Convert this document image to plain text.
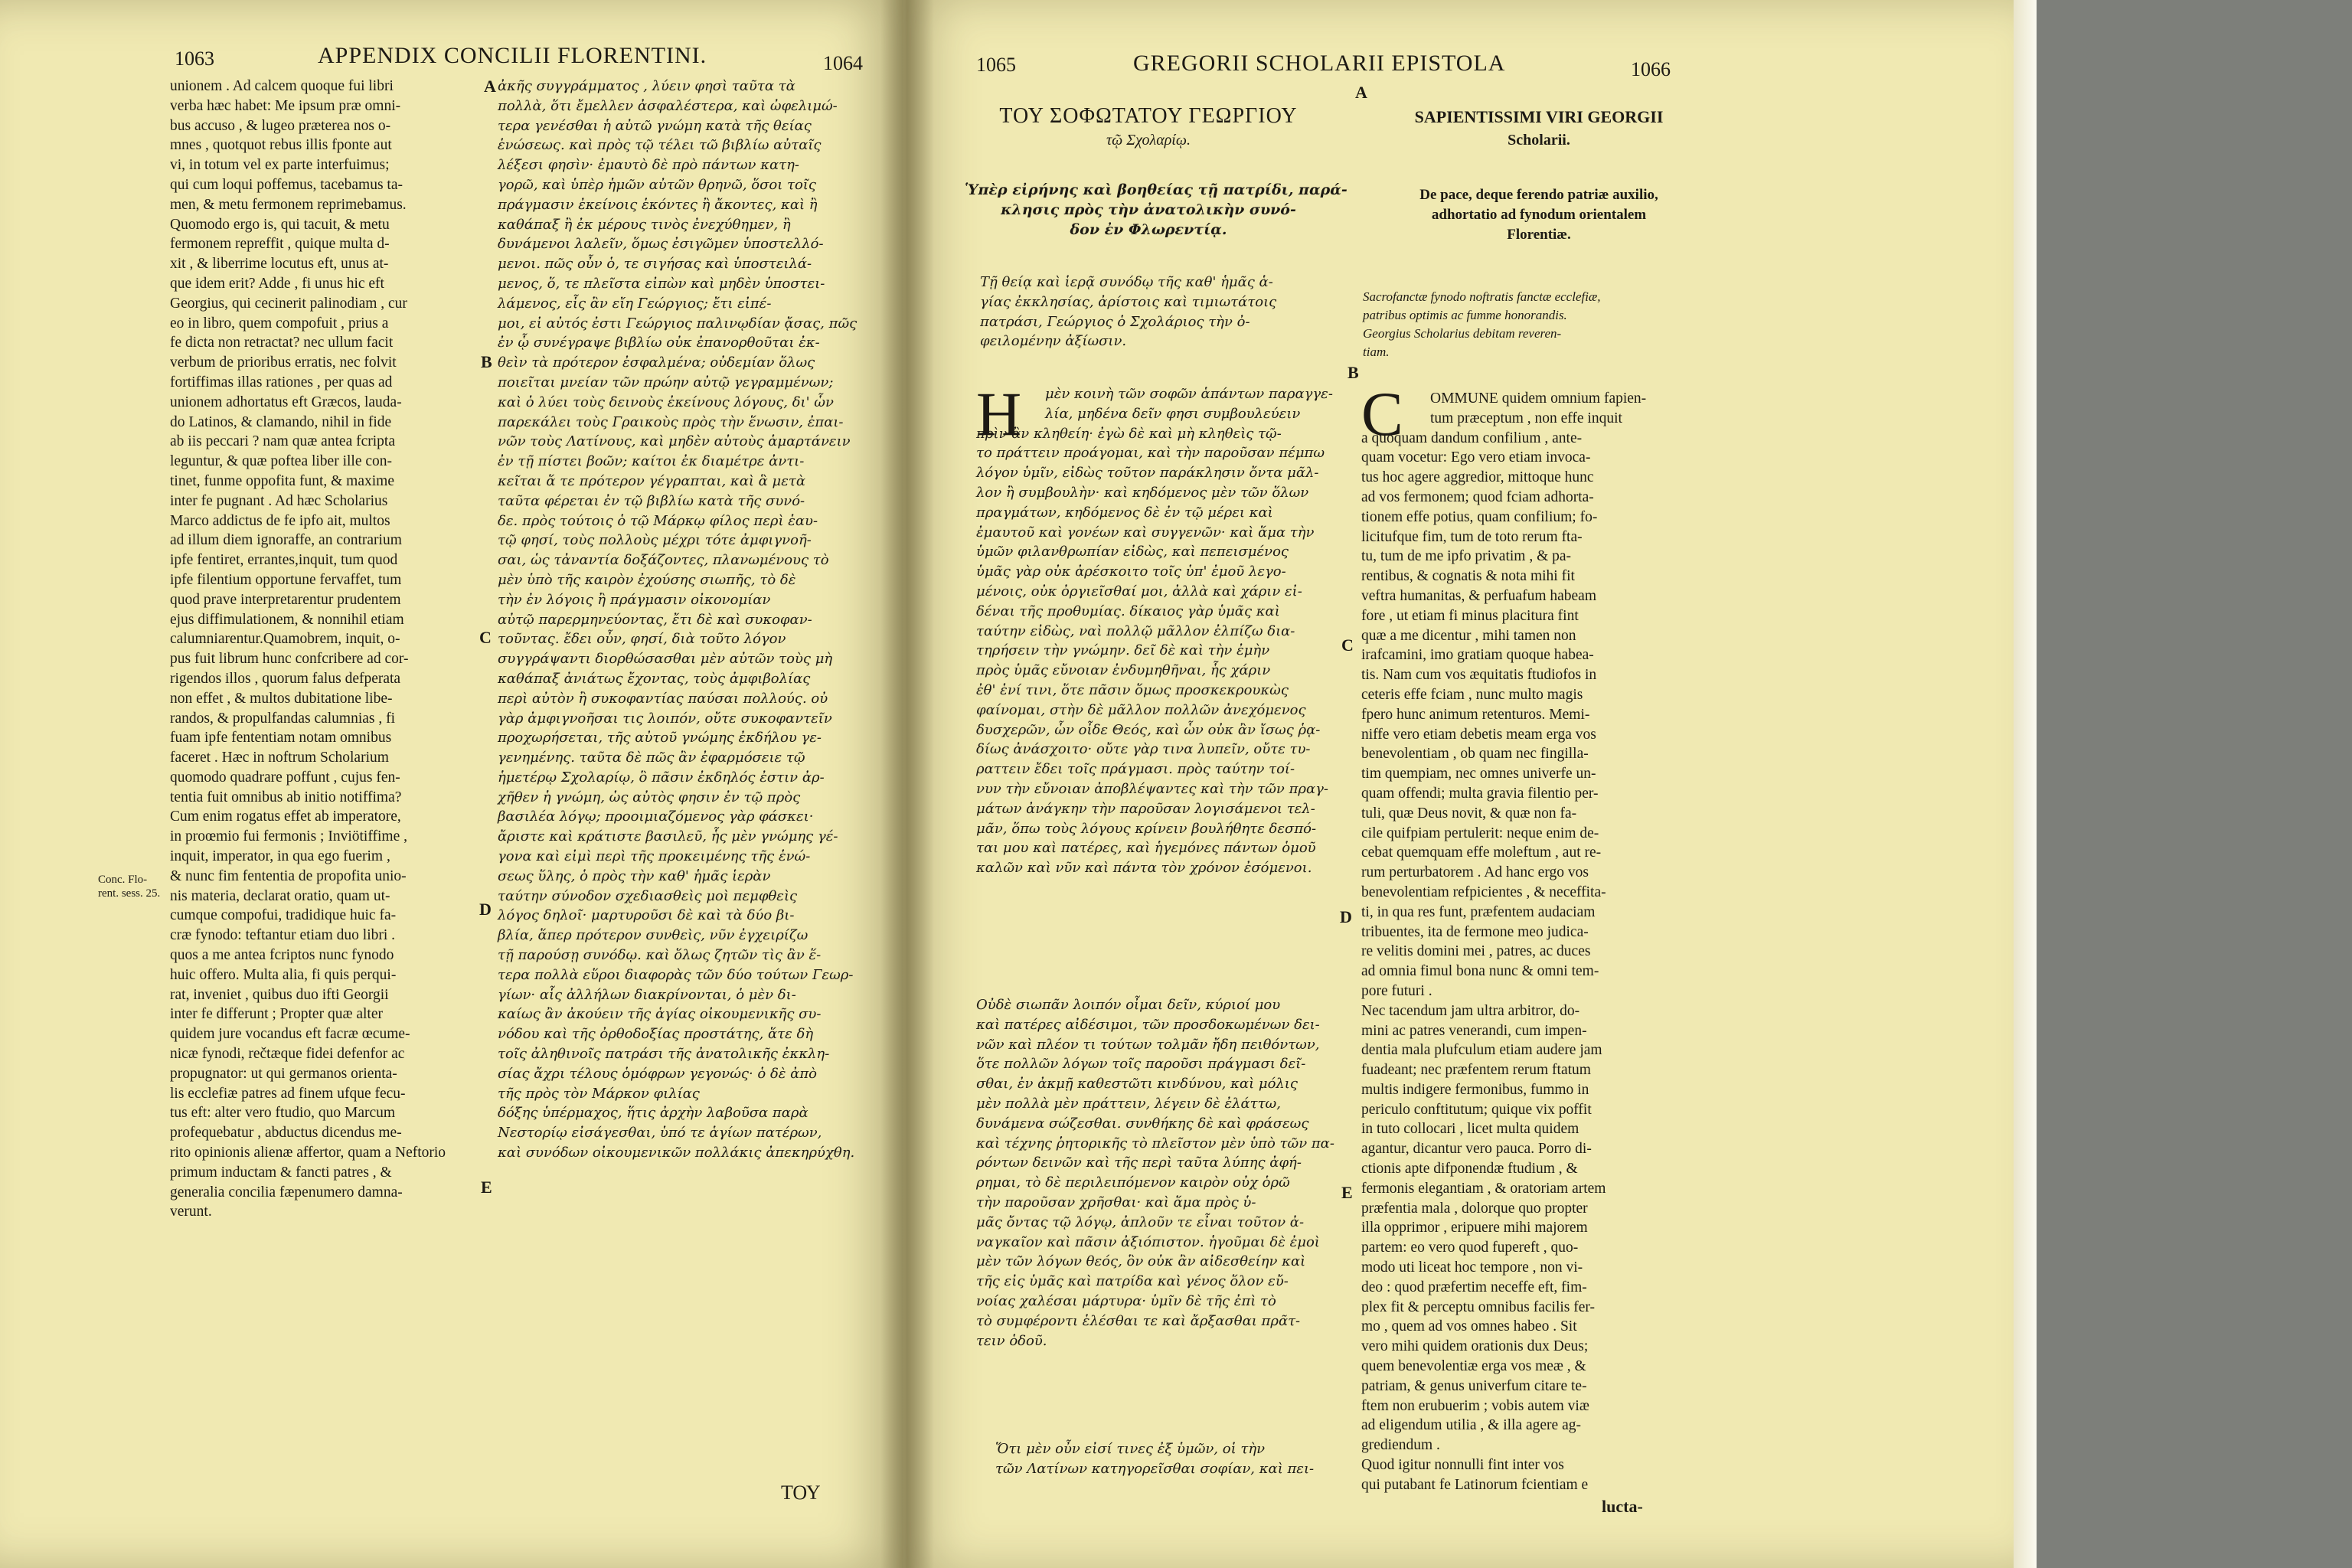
1063	APPENDIX CONCILII FLORENTINI.	1064
unionem . Ad calcem quoque fui libri
verba hæc habet: Me ipsum præ omni-
bus accuso , & lugeo præterea nos o-
mnes , quotquot rebus illis fponte aut
vi, in totum vel ex parte interfuimus;
qui cum loqui poffemus, tacebamus ta-
men, & metu fermonem reprimebamus.
Quomodo ergo is, qui tacuit, & metu
fermonem repreffit , quique multa d-
xit , & liberrime locutus eft, unus at-
que idem erit? Adde , fi unus hic eft
Georgius, qui cecinerit palinodiam , cur
eo in libro, quem compofuit , prius a
fe dicta non retractat? nec ullum facit
verbum de prioribus erratis, nec folvit
fortiffimas illas rationes , per quas ad
unionem adhortatus eft Græcos, lauda-
do Latinos, & clamando, nihil in fide
ab iis peccari ? nam quæ antea fcripta
leguntur, & quæ poftea liber ille con-
tinet, funme oppofita funt, & maxime
inter fe pugnant . Ad hæc Scholarius
Marco addictus de fe ipfo ait, multos
ad illum diem ignoraffe, an contrarium
ipfe fentiret, errantes,inquit, tum quod
ipfe filentium opportune fervaffet, tum
quod prave interpretarentur prudentem
ejus diffimulationem, & nonnihil etiam
calumniarentur.Quamobrem, inquit, o-
pus fuit librum hunc confcribere ad cor-
rigendos illos , quorum falus defperata
non effet , & multos dubitatione libe-
randos, & propulfandas calumnias , fi
fuam ipfe fententiam notam omnibus
faceret . Hæc in noftrum Scholarium
quomodo quadrare poffunt , cujus fen-
tentia fuit omnibus ab initio notiffima?
Cum enim rogatus effet ab imperatore,
in proœmio fui fermonis ; Inviötiffime ,
inquit, imperator, in qua ego fuerim ,
& nunc fim fententia de propofita unio-
nis materia, declarat oratio, quam ut-
cumque compofui, tradidique huic fa-
cræ fynodo: teftantur etiam duo libri .
quos a me antea fcriptos nunc fynodo
huic offero. Multa alia, fi quis perqui-
rat, inveniet , quibus duo ifti Georgii
inter fe differunt ; Propter quæ alter
quidem jure vocandus eft facræ œcume-
nicæ fynodi, rečtæque fidei defenfor ac
propugnator: ut qui germanos orienta-
lis ecclefiæ patres ad finem ufque fecu-
tus eft: alter vero ftudio, quo Marcum
profequebatur , abductus dicendus me-
rito opinionis alienæ affertor, quam a Neftorio
primum inductam & fancti patres , &
generalia concilia fæpenumero damna-
verunt.
Conc. Flo-
rent. sess. 25.
A
B
C
D
E
ἀκῆς συγγράμματος , λύειν φησὶ ταῦτα τὰ
πολλὰ, ὅτι ἔμελλεν ἀσφαλέστερα, καὶ ὠφελιμώ-
τερα γενέσθαι ἡ αὐτῶ γνώμη κατὰ τῆς θείας
ἑνώσεως. καὶ πρὸς τῷ τέλει τῶ βιβλίω αὐταῖς
λέξεσι φησὶν· ἐμαυτὸ δὲ πρὸ πάντων κατη-
γορῶ, καὶ ὑπὲρ ἡμῶν αὐτῶν θρηνῶ, ὅσοι τοῖς
πράγμασιν ἐκείνοις ἑκόντες ἢ ἄκοντες, καὶ ἢ
καθάπαξ ἢ ἐκ μέρους τινὸς ἐνεχύθημεν, ἢ
δυνάμενοι λαλεῖν, ὅμως ἐσιγῶμεν ὑποστελλό-
μενοι. πῶς οὖν ὁ, τε σιγήσας καὶ ὑποστειλά-
μενος, ὅ, τε πλεῖστα εἰπὼν καὶ μηδὲν ὑποστει-
λάμενος, εἷς ἂν εἴη Γεώργιος; ἔτι εἰπέ-
μοι, εἰ αὐτός ἐστι Γεώργιος παλινῳδίαν ᾄσας, πῶς
ἐν ᾧ συνέγραψε βιβλίω οὐκ ἐπανορθοῦται ἐκ-
θεὶν τὰ πρότερον ἐσφαλμένα; οὐδεμίαν ὅλως
ποιεῖται μνείαν τῶν πρώην αὐτῷ γεγραμμένων;
καὶ ὁ λύει τοὺς δεινοὺς ἐκείνους λόγους, δι' ὧν
παρεκάλει τοὺς Γραικοὺς πρὸς τὴν ἕνωσιν, ἐπαι-
νῶν τοὺς Λατίνους, καὶ μηδὲν αὐτοὺς ἁμαρτάνειν
ἐν τῇ πίστει βοῶν; καίτοι ἐκ διαμέτρε ἀντι-
κεῖται ἅ τε πρότερον γέγραπται, καὶ ἃ μετὰ
ταῦτα φέρεται ἐν τῷ βιβλίω κατὰ τῆς συνό-
δε. πρὸς τούτοις ὁ τῷ Μάρκῳ φίλος περὶ ἑαυ-
τῷ φησί, τοὺς πολλοὺς μέχρι τότε ἀμφιγνοῆ-
σαι, ὡς τἀναντία δοξάζοντες, πλανωμένους τὸ
μὲν ὑπὸ τῆς καιρὸν ἐχούσης σιωπῆς, τὸ δὲ
τὴν ἐν λόγοις ἢ πράγμασιν οἰκονομίαν
αὐτῷ παρερμηνεύοντας, ἔτι δὲ καὶ συκοφαν-
τοῦντας. ἔδει οὖν, φησί, διὰ τοῦτο λόγον
συγγράψαντι διορθώσασθαι μὲν αὐτῶν τοὺς μὴ
καθάπαξ ἀνιάτως ἔχοντας, τοὺς ἀμφιβολίας
περὶ αὐτὸν ἢ συκοφαντίας παύσαι πολλούς. οὐ
γὰρ ἀμφιγνοῆσαι τις λοιπόν, οὔτε συκοφαντεῖν
προχωρήσεται, τῆς αὐτοῦ γνώμης ἐκδήλου γε-
γενημένης. ταῦτα δὲ πῶς ἂν ἐφαρμόσειε τῷ
ἡμετέρῳ Σχολαρίῳ, ὃ πᾶσιν ἐκδηλός ἐστιν ἀρ-
χῆθεν ἡ γνώμη, ὡς αὐτὸς φησιν ἐν τῷ πρὸς
βασιλέα λόγῳ; προοιμιαζόμενος γὰρ φάσκει·
ἄριστε καὶ κράτιστε βασιλεῦ, ἧς μὲν γνώμης γέ-
γονα καὶ εἰμὶ περὶ τῆς προκειμένης τῆς ἑνώ-
σεως ὕλης, ὁ πρὸς τὴν καθ' ἡμᾶς ἱερὰν
ταύτην σύνοδον σχεδιασθεὶς μοὶ πεμφθεὶς
λόγος δηλοῖ· μαρτυροῦσι δὲ καὶ τὰ δύο βι-
βλία, ἅπερ πρότερον συνθεὶς, νῦν ἐγχειρίζω
τῇ παρούσῃ συνόδῳ. καὶ ὅλως ζητῶν τὶς ἂν ἕ-
τερα πολλὰ εὕροι διαφορὰς τῶν δύο τούτων Γεωρ-
γίων· αἷς ἀλλήλων διακρίνονται, ὁ μὲν δι-
καίως ἂν ἀκούειν τῆς ἁγίας οἰκουμενικῆς συ-
νόδου καὶ τῆς ὀρθοδοξίας προστάτης, ἅτε δὴ
τοῖς ἀληθινοῖς πατράσι τῆς ἀνατολικῆς ἐκκλη-
σίας ἄχρι τέλους ὁμόφρων γεγονώς· ὁ δὲ ἀπὸ
τῆς πρὸς τὸν Μάρκον φιλίας
δόξης ὑπέρμαχος, ἥτις ἀρχὴν λαβοῦσα παρὰ
Νεστορίῳ εἰσάγεσθαι, ὑπό τε ἁγίων πατέρων,
καὶ συνόδων οἰκουμενικῶν πολλάκις ἀπεκηρύχθη.
ΤΟΥ
1065	GREGORII SCHOLARII EPISTOLA	1066
A
B
C
D
E
ΤΟΥ ΣΟΦΩΤΑΤΟΥ ΓΕΩΡΓΙΟΥ
τῷ Σχολαρίῳ.
SAPIENTISSIMI VIRI GEORGII
Scholarii.
Ὑπὲρ εἰρήνης καὶ βοηθείας τῇ πατρίδι, παρά-
κλησις πρὸς τὴν ἀνατολικὴν συνό-
δον ἐν Φλωρεντίᾳ.
De pace, deque ferendo patriæ auxilio,
adhortatio ad fynodum orientalem
Florentiæ.
Τῇ θείᾳ καὶ ἱερᾷ συνόδῳ τῆς καθ' ἡμᾶς ἁ-
γίας ἐκκλησίας, ἀρίστοις καὶ τιμιωτάτοις
πατράσι, Γεώργιος ὁ Σχολάριος τὴν ὀ-
φειλομένην ἀξίωσιν.
Sacrofanctæ fynodo noftratis fanctæ ecclefiæ,
patribus optimis ac fumme honorandis.
Georgius Scholarius debitam reveren-
tiam.
Η	μὲν κοινὴ τῶν σοφῶν ἁπάντων παραγγε-
λία, μηδένα δεῖν φησι συμβουλεύειν
πρὶν ἂν κληθείη· ἐγὼ δὲ καὶ μὴ κληθεὶς τῷ-
το πράττειν προάγομαι, καὶ τὴν παροῦσαν πέμπω
λόγον ὑμῖν, εἰδὼς τοῦτον παράκλησιν ὄντα μᾶλ-
λον ἢ συμβουλὴν· καὶ κηδόμενος μὲν τῶν ὅλων
πραγμάτων, κηδόμενος δὲ ἐν τῷ μέρει καὶ
ἐμαυτοῦ καὶ γονέων καὶ συγγενῶν· καὶ ἅμα τὴν
ὑμῶν φιλανθρωπίαν εἰδὼς, καὶ πεπεισμένος
ὑμᾶς γὰρ οὐκ ἀρέσκοιτο τοῖς ὑπ' ἐμοῦ λεγο-
μένοις, οὐκ ὀργιεῖσθαί μοι, ἀλλὰ καὶ χάριν εἰ-
δέναι τῆς προθυμίας. δίκαιος γὰρ ὑμᾶς καὶ
ταύτην εἰδὼς, ναὶ πολλῷ μᾶλλον ἐλπίζω δια-
τηρήσειν τὴν γνώμην. δεῖ δὲ καὶ τὴν ἐμὴν
πρὸς ὑμᾶς εὔνοιαν ἐνδυμηθῆναι, ἧς χάριν
ἐθ' ἑνί τινι, ὅτε πᾶσιν ὅμως προσκεκρουκὼς
φαίνομαι, στὴν δὲ μᾶλλον πολλῶν ἀνεχόμενος
δυσχερῶν, ὧν οἶδε Θεός, καὶ ὧν οὐκ ἂν ἴσως ῥᾳ-
δίως ἀνάσχοιτο· οὔτε γὰρ τινα λυπεῖν, οὔτε τυ-
ραττειν ἔδει τοῖς πράγμασι. πρὸς ταύτην τοί-
νυν τὴν εὔνοιαν ἀποβλέψαντες καὶ τὴν τῶν πραγ-
μάτων ἀνάγκην τὴν παροῦσαν λογισάμενοι τελ-
μᾶν, ὅπω τοὺς λόγους κρίνειν βουλήθητε δεσπό-
ται μου καὶ πατέρες, καὶ ἡγεμόνες πάντων ὁμοῦ
καλῶν καὶ νῦν καὶ πάντα τὸν χρόνον ἐσόμενοι.
Οὐδὲ σιωπᾶν λοιπόν οἶμαι δεῖν, κύριοί μου
καὶ πατέρες αἰδέσιμοι, τῶν προσδοκωμένων δει-
νῶν καὶ πλέον τι τούτων τολμᾶν ἤδη πειθόντων,
ὅτε πολλῶν λόγων τοῖς παροῦσι πράγμασι δεῖ-
σθαι, ἐν ἀκμῇ καθεστῶτι κινδύνου, καὶ μόλις
μὲν πολλὰ μὲν πράττειν, λέγειν δὲ ἐλάττω,
δυνάμενα σώζεσθαι. συνθήκης δὲ καὶ φράσεως
καὶ τέχνης ῥητορικῆς τὸ πλεῖστον μὲν ὑπὸ τῶν πα-
ρόντων δεινῶν καὶ τῆς περὶ ταῦτα λύπης ἀφή-
ρημαι, τὸ δὲ περιλειπόμενον καιρὸν οὐχ ὁρῶ
τὴν παροῦσαν χρῆσθαι· καὶ ἅμα πρὸς ὑ-
μᾶς ὄντας τῷ λόγῳ, ἀπλοῦν τε εἶναι τοῦτον ἀ-
ναγκαῖον καὶ πᾶσιν ἀξιόπιστον. ἡγοῦμαι δὲ ἐμοὶ
μὲν τῶν λόγων θεός, ὃν οὐκ ἂν αἰδεσθείην καὶ
τῆς εἰς ὑμᾶς καὶ πατρίδα καὶ γένος ὅλον εὔ-
νοίας χαλέσαι μάρτυρα· ὑμῖν δὲ τῆς ἐπὶ τὸ
τὸ συμφέροντι ἑλέσθαι τε καὶ ἄρξασθαι πρᾶτ-
τειν ὁδοῦ.
Ὅτι μὲν οὖν εἰσί τινες ἐξ ὑμῶν, οἱ τὴν
τῶν Λατίνων κατηγορεῖσθαι σοφίαν, καὶ πει-
C	OMMUNE quidem omnium fapien-
tum præceptum , non effe inquit
a quoquam dandum confilium , ante-
quam vocetur: Ego vero etiam invoca-
tus hoc agere aggredior, mittoque hunc
ad vos fermonem; quod fciam adhorta-
tionem effe potius, quam confilium; fo-
licitufque fim, tum de toto rerum fta-
tu, tum de me ipfo privatim , & pa-
rentibus, & cognatis & nota mihi fit
veftra humanitas, & perfuafum habeam
fore , ut etiam fi minus placitura fint
quæ a me dicentur , mihi tamen non
irafcamini, imo gratiam quoque habea-
tis. Nam cum vos æquitatis ftudiofos in
ceteris effe fciam , nunc multo magis
fpero hunc animum retenturos. Memi-
niffe vero etiam debetis meam erga vos
benevolentiam , ob quam nec fingilla-
tim quempiam, nec omnes univerfe un-
quam offendi; multa gravia filentio per-
tuli, quæ Deus novit, & quæ non fa-
cile quifpiam pertulerit: neque enim de-
cebat quemquam effe moleftum , aut re-
rum perturbatorem . Ad hanc ergo vos
benevolentiam refpicientes , & neceffita-
ti, in qua res funt, præfentem audaciam
tribuentes, ita de fermone meo judica-
re velitis domini mei , patres, ac duces
ad omnia fimul bona nunc & omni tem-
pore futuri .
Nec tacendum jam ultra arbitror, do-
mini ac patres venerandi, cum impen-
dentia mala plufculum etiam audere jam
fuadeant; nec præfentem rerum ftatum
multis indigere fermonibus, fummo in
periculo conftitutum; quique vix poffit
in tuto collocari , licet multa quidem
agantur, dicantur vero pauca. Porro di-
ctionis apte difponendæ ftudium , &
fermonis elegantiam , & oratoriam artem
præfentia mala , dolorque quo propter
illa opprimor , eripuere mihi majorem
partem: eo vero quod fupereft , quo-
modo uti liceat hoc tempore , non vi-
deo : quod præfertim neceffe eft, fim-
plex fit & perceptu omnibus facilis fer-
mo , quem ad vos omnes habeo . Sit
vero mihi quidem orationis dux Deus;
quem benevolentiæ erga vos meæ , &
patriam, & genus univerfum citare te-
ftem non erubuerim ; vobis autem viæ
ad eligendum utilia , & illa agere ag-
grediendum .
Quod igitur nonnulli fint inter vos
qui putabant fe Latinorum fcientiam e
lucta-
